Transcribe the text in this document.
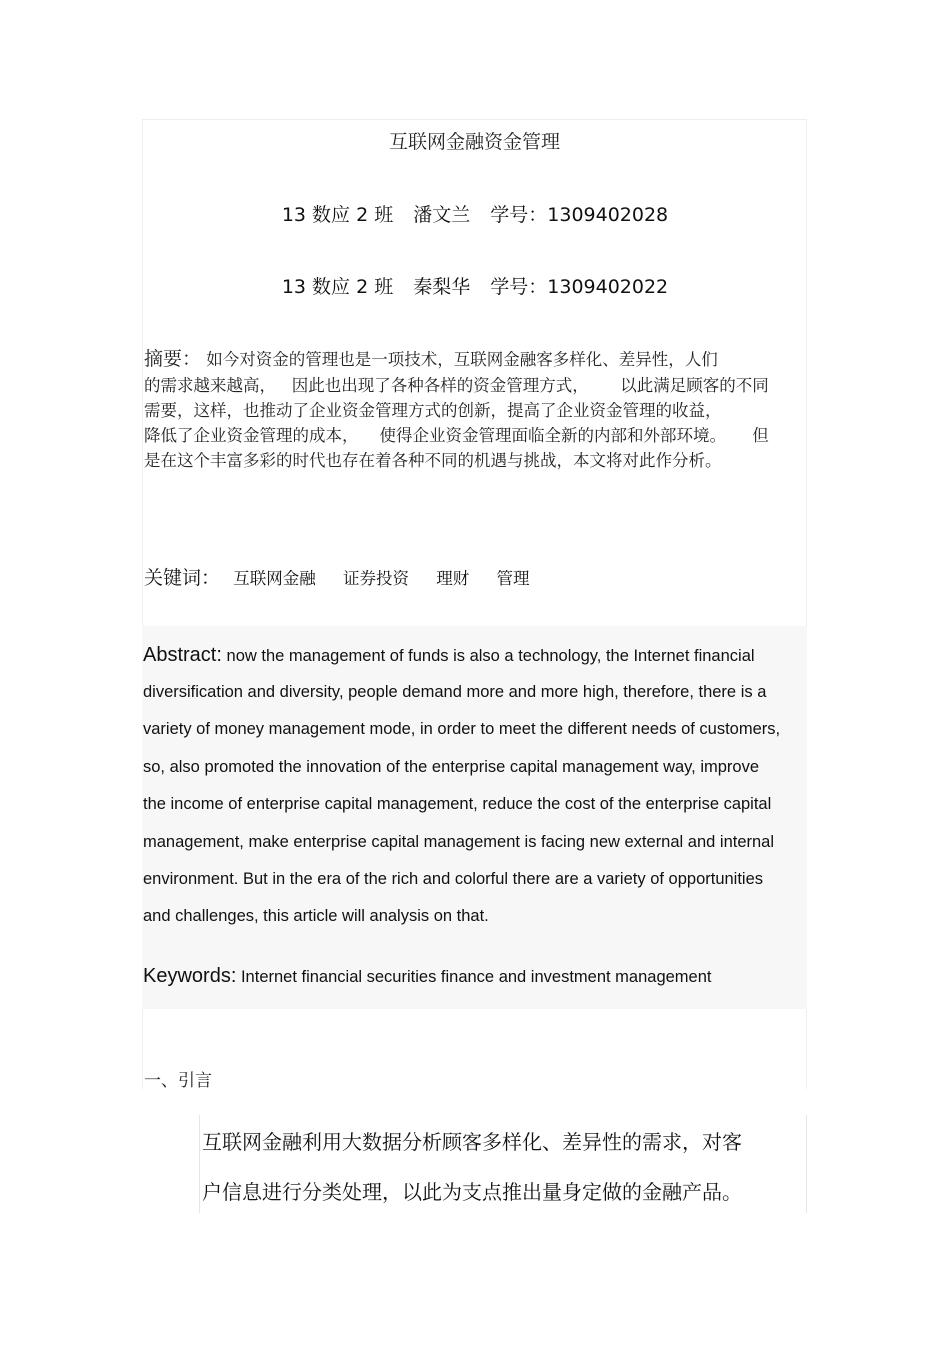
互联网金融资金管理
13 数应 2 班 潘文兰 学号：1309402028
13 数应 2 班 秦梨华 学号：1309402022
摘要： 如今对资金的管理也是一项技术，互联网金融客多样化、差异性，人们
的需求越来越高，   因此也出现了各种各样的资金管理方式，      以此满足顾客的不同
需要，这样，也推动了企业资金管理方式的创新，提高了企业资金管理的收益，
降低了企业资金管理的成本，    使得企业资金管理面临全新的内部和外部环境。     但
是在这个丰富多彩的时代也存在着各种不同的机遇与挑战，本文将对此作分析。
关键词： 互联网金融 证券投资 理财 管理
Abstract: now the management of funds is also a technology, the Internet financial
diversification and diversity, people demand more and more high, therefore, there is a
variety of money management mode, in order to meet the different needs of customers,
so, also promoted the innovation of the enterprise capital management way, improve
the income of enterprise capital management, reduce the cost of the enterprise capital
management, make enterprise capital management is facing new external and internal
environment. But in the era of the rich and colorful there are a variety of opportunities
and challenges, this article will analysis on that.
Keywords: Internet financial securities finance and investment management
一、引言
互联网金融利用大数据分析顾客多样化、差异性的需求，对客
户信息进行分类处理，以此为支点推出量身定做的金融产品。
